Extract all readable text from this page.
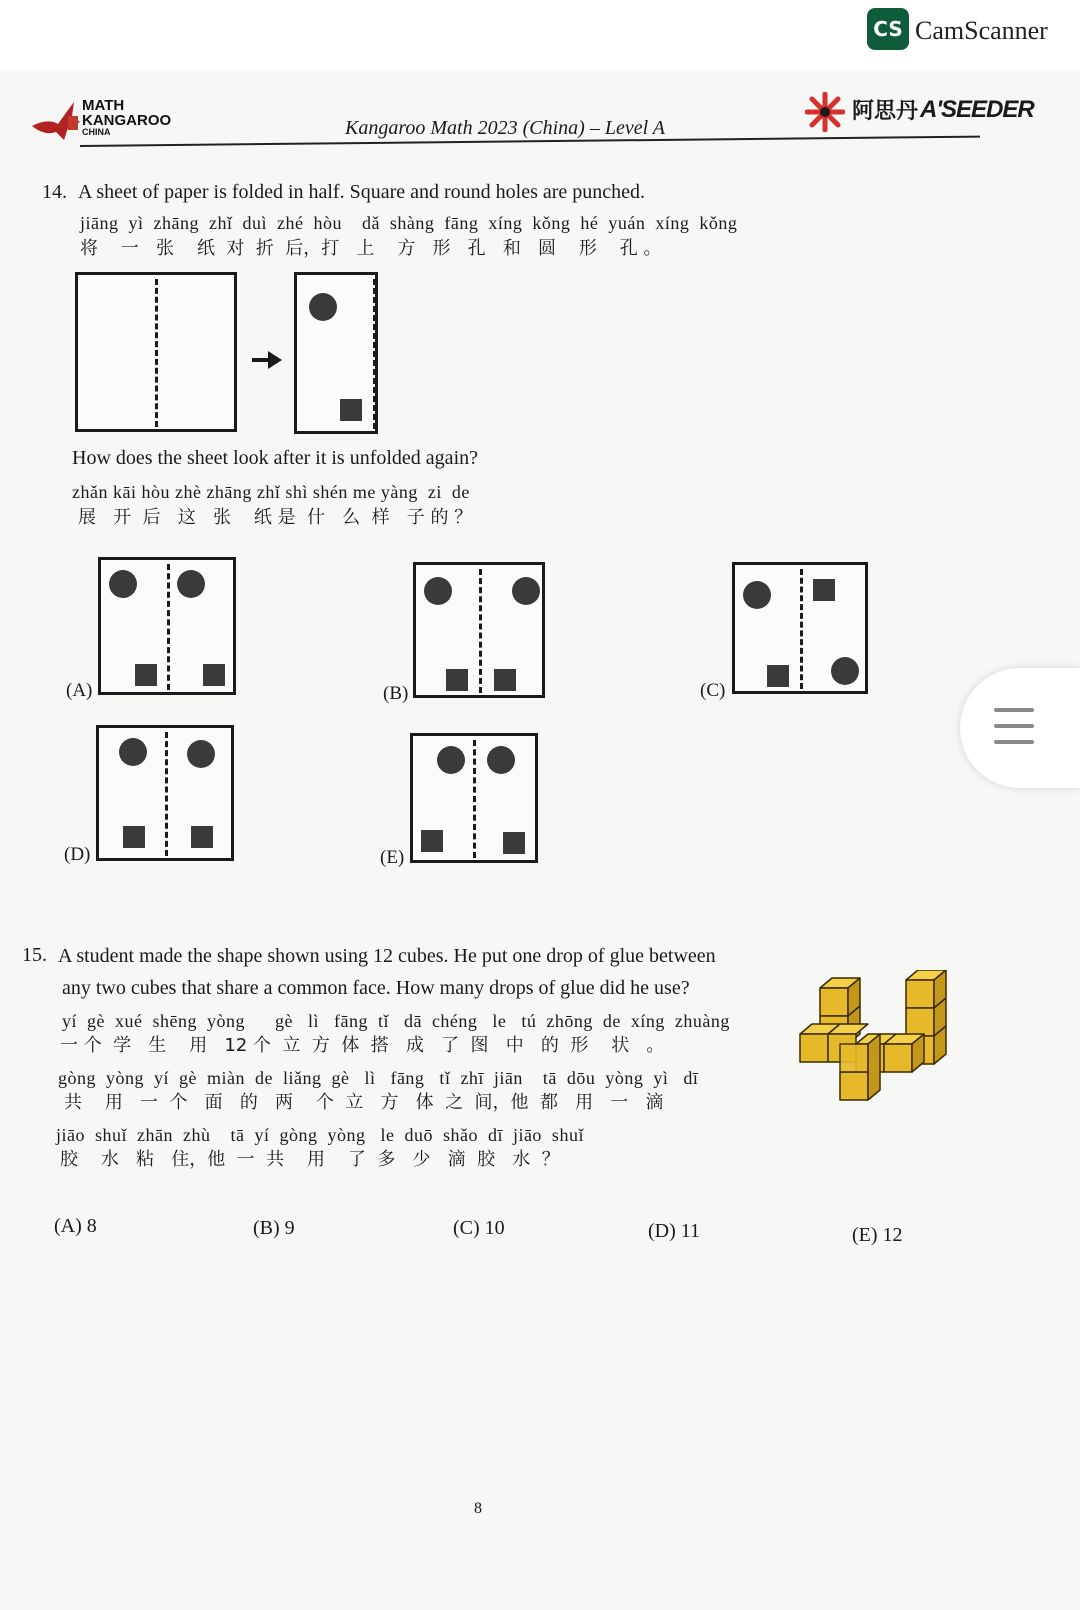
CS CamScanner
MATH
KANGAROO
CHINA	Kangaroo Math 2023 (China) – Level A
阿思丹 A'SEEDER
14. A sheet of paper is folded in half. Square and round holes are punched.
jiāng  yì  zhāng  zhǐ  duì  zhé  hòu    dǎ  shàng  fāng  xíng  kǒng  hé  yuán  xíng  kǒng
将    一   张    纸  对  折  后，打   上    方   形   孔   和   圆    形    孔 。
How does the sheet look after it is unfolded again?
zhǎn kāi hòu zhè zhāng zhǐ shì shén me yàng  zi  de
展   开  后   这   张    纸 是  什   么  样   子 的 ？
(A)	(B)	(C)
(D)	(E)
15. A student made the shape shown using 12 cubes. He put one drop of glue between
any two cubes that share a common face. How many drops of glue did he use?
yí  gè  xué  shēng  yòng      gè   lì   fāng  tǐ   dā  chéng   le   tú  zhōng  de  xíng  zhuàng
一 个  学   生    用   12 个  立  方  体  搭   成   了  图   中   的  形    状   。
gòng  yòng  yí  gè  miàn  de  liǎng  gè   lì   fāng   tǐ  zhī  jiān    tā  dōu  yòng  yì   dī
共    用   一  个   面   的   两    个  立   方   体  之  间，他  都   用   一   滴
jiāo  shuǐ  zhān  zhù    tā  yí  gòng  yòng   le  duō  shǎo  dī  jiāo  shuǐ
胶    水   粘   住，他  一  共    用    了  多   少   滴  胶   水  ？
(A) 8	(B) 9	(C) 10	(D) 11	(E) 12
8
